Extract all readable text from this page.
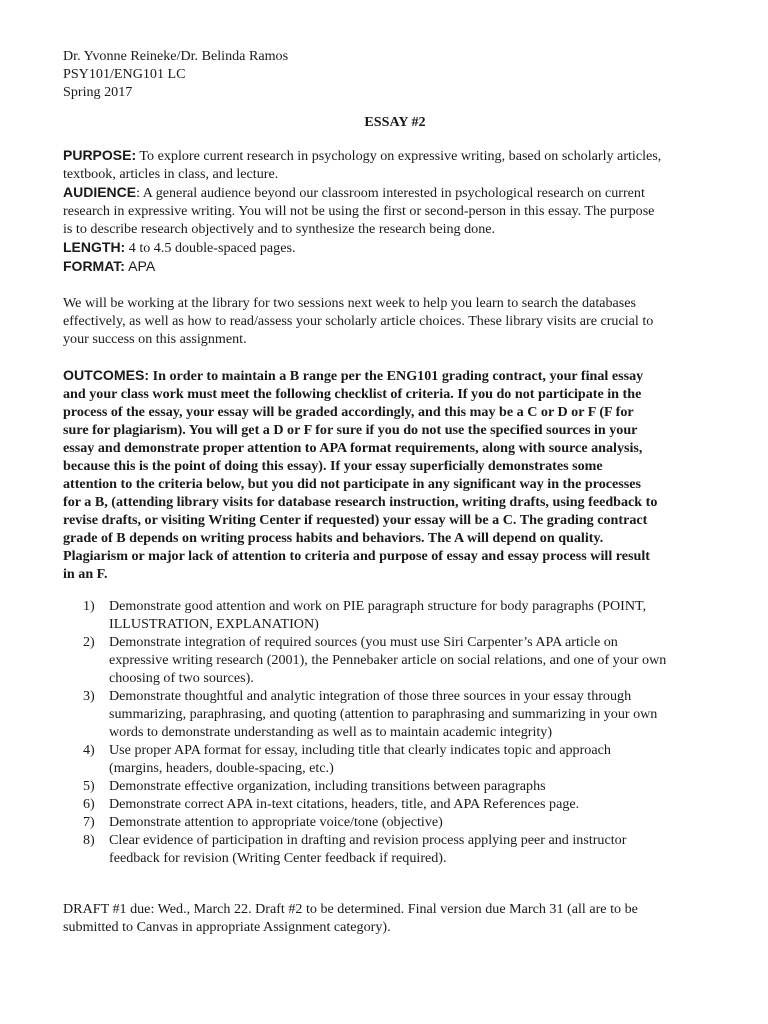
Dr. Yvonne Reineke/Dr. Belinda Ramos
PSY101/ENG101 LC
Spring 2017
ESSAY #2
PURPOSE: To explore current research in psychology on expressive writing, based on scholarly articles,
textbook, articles in class, and lecture.
AUDIENCE: A general audience beyond our classroom interested in psychological research on current
research in expressive writing. You will not be using the first or second-person in this essay. The purpose
is to describe research objectively and to synthesize the research being done.
LENGTH: 4 to 4.5 double-spaced pages.
FORMAT: APA
We will be working at the library for two sessions next week to help you learn to search the databases
effectively, as well as how to read/assess your scholarly article choices. These library visits are crucial to
your success on this assignment.
OUTCOMES: In order to maintain a B range per the ENG101 grading contract, your final essay
and your class work must meet the following checklist of criteria. If you do not participate in the
process of the essay, your essay will be graded accordingly, and this may be a C or D or F (F for
sure for plagiarism). You will get a D or F for sure if you do not use the specified sources in your
essay and demonstrate proper attention to APA format requirements, along with source analysis,
because this is the point of doing this essay). If your essay superficially demonstrates some
attention to the criteria below, but you did not participate in any significant way in the processes
for a B, (attending library visits for database research instruction, writing drafts, using feedback to
revise drafts, or visiting Writing Center if requested) your essay will be a C. The grading contract
grade of B depends on writing process habits and behaviors. The A will depend on quality.
Plagiarism or major lack of attention to criteria and purpose of essay and essay process will result
in an F.
1) Demonstrate good attention and work on PIE paragraph structure for body paragraphs (POINT,
ILLUSTRATION, EXPLANATION)
2) Demonstrate integration of required sources (you must use Siri Carpenter’s APA article on
expressive writing research (2001), the Pennebaker article on social relations, and one of your own
choosing of two sources).
3) Demonstrate thoughtful and analytic integration of those three sources in your essay through
summarizing, paraphrasing, and quoting (attention to paraphrasing and summarizing in your own
words to demonstrate understanding as well as to maintain academic integrity)
4) Use proper APA format for essay, including title that clearly indicates topic and approach
(margins, headers, double-spacing, etc.)
5) Demonstrate effective organization, including transitions between paragraphs
6) Demonstrate correct APA in-text citations, headers, title, and APA References page.
7) Demonstrate attention to appropriate voice/tone (objective)
8) Clear evidence of participation in drafting and revision process applying peer and instructor
feedback for revision (Writing Center feedback if required).
DRAFT #1 due: Wed., March 22. Draft #2 to be determined. Final version due March 31 (all are to be
submitted to Canvas in appropriate Assignment category).
